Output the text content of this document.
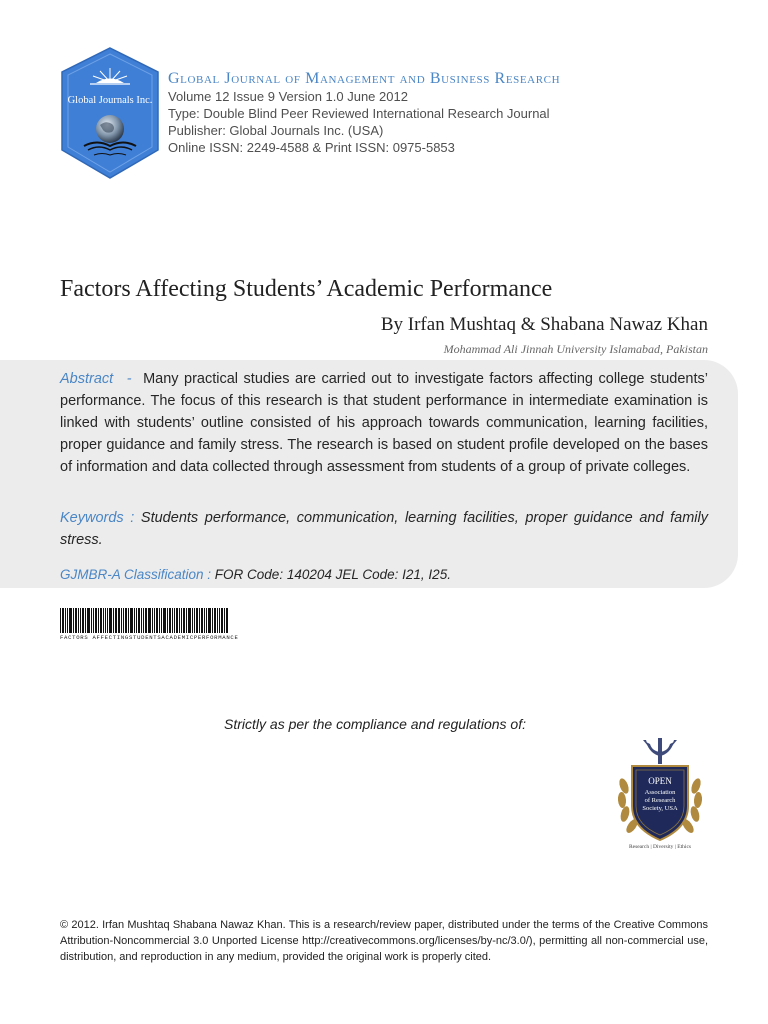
Global Journals Inc.
Global Journal of Management and Business Research
Volume 12 Issue 9 Version 1.0 June 2012
Type: Double Blind Peer Reviewed International Research Journal
Publisher: Global Journals Inc. (USA)
Online ISSN: 2249-4588 & Print ISSN: 0975-5853
Factors Affecting Students’ Academic Performance
By Irfan Mushtaq & Shabana Nawaz Khan
Mohammad Ali Jinnah University Islamabad, Pakistan
Abstract - Many practical studies are carried out to investigate factors affecting college students’ performance. The focus of this research is that student performance in intermediate examination is linked with students’ outline consisted of his approach towards communication, learning facilities, proper guidance and family stress. The research is based on student profile developed on the bases of information and data collected through assessment from students of a group of private colleges.
Keywords : Students performance, communication, learning facilities, proper guidance and family stress.
GJMBR-A Classification : FOR Code: 140204 JEL Code: I21, I25.
FACTORS AFFECTINGSTUDENTSACADEMICPERFORMANCE
Strictly as per the compliance and regulations of:
OPEN
Association
of Research
Society, USA
Research | Diversity | Ethics
© 2012. Irfan Mushtaq Shabana Nawaz Khan. This is a research/review paper, distributed under the terms of the Creative Commons Attribution-Noncommercial 3.0 Unported License http://creativecommons.org/licenses/by-nc/3.0/), permitting all non-commercial use, distribution, and reproduction in any medium, provided the original work is properly cited.
